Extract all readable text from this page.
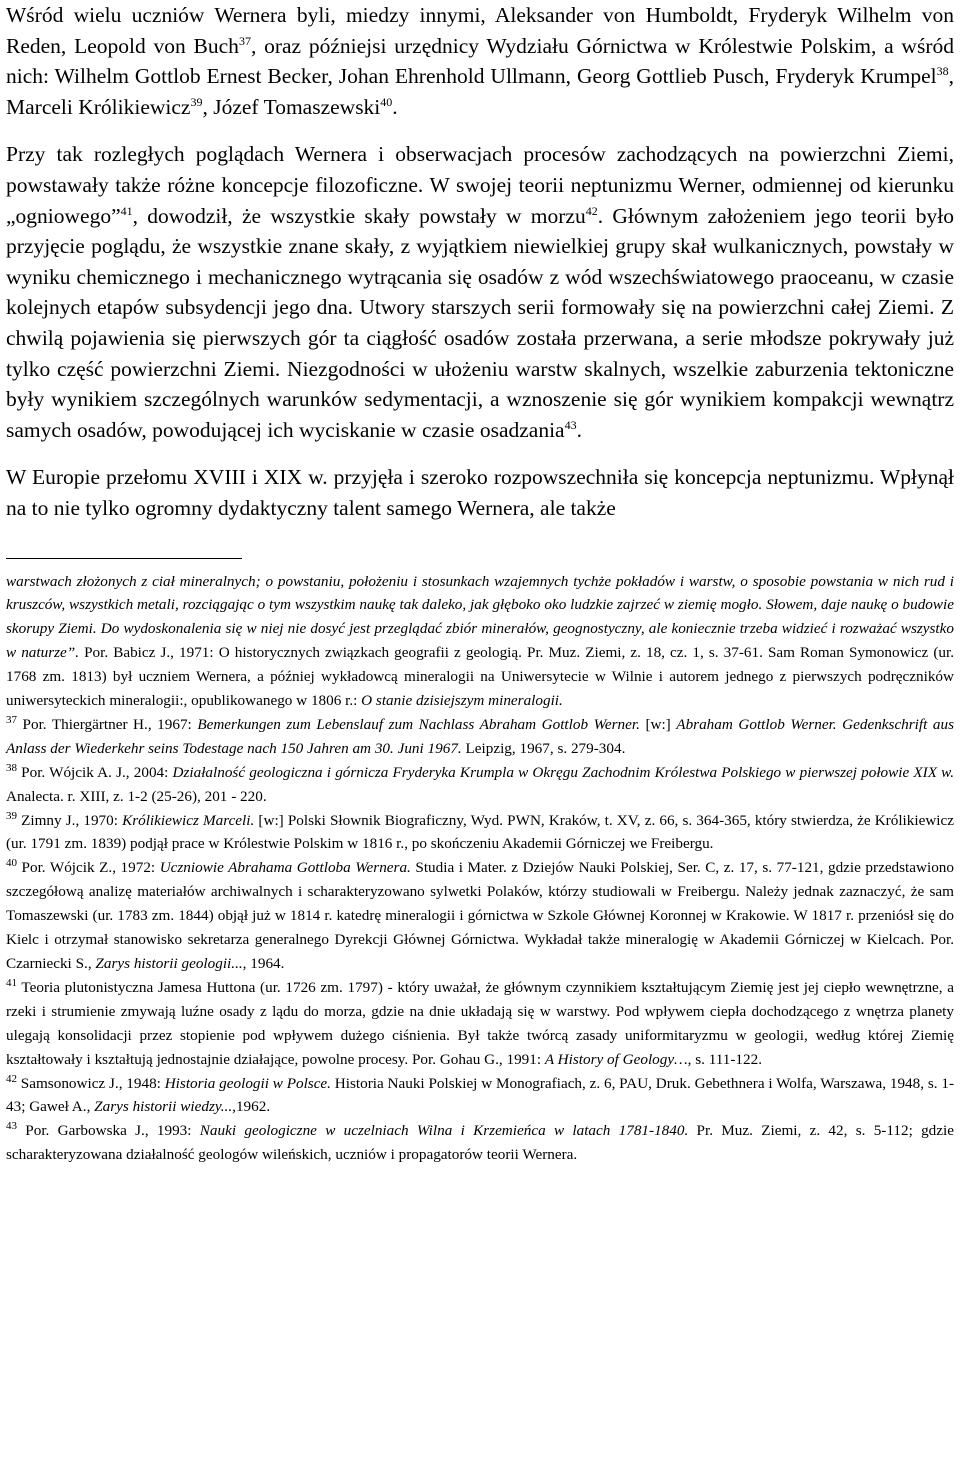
Wśród wielu uczniów Wernera byli, miedzy innymi, Aleksander von Humboldt, Fryderyk Wilhelm von Reden, Leopold von Buch$^{37}$, oraz późniejsi urzędnicy Wydziału Górnictwa w Królestwie Polskim, a wśród nich: Wilhelm Gottlob Ernest Becker, Johan Ehrenhold Ullmann, Georg Gottlieb Pusch, Fryderyk Krumpel$^{38}$, Marceli Królikiewicz$^{39}$, Józef Tomaszewski$^{40}$.

Przy tak rozległych poglądach Wernera i obserwacjach procesów zachodzących na powierzchni Ziemi, powstawały także różne koncepcje filozoficzne. W swojej teorii neptunizmu Werner, odmiennej od kierunku „ogniowego”$^{41}$, dowodził, że wszystkie skały powstały w morzu$^{42}$. Głównym założeniem jego teorii było przyjęcie poglądu, że wszystkie znane skały, z wyjątkiem niewielkiej grupy skał wulkanicznych, powstały w wyniku chemicznego i mechanicznego wytrącania się osadów z wód wszechświatowego praoceanu, w czasie kolejnych etapów subsydencji jego dna. Utwory starszych serii formowały się na powierzchni całej Ziemi. Z chwilą pojawienia się pierwszych gór ta ciągłość osadów została przerwana, a serie młodsze pokrywały już tylko część powierzchni Ziemi. Niezgodności w ułożeniu warstw skalnych, wszelkie zaburzenia tektoniczne były wynikiem szczególnych warunków sedymentacji, a wznoszenie się gór wynikiem kompakcji wewnątrz samych osadów, powodującej ich wyciskanie w czasie osadzania$^{43}$.

W Europie przełomu XVIII i XIX w. przyjęła i szeroko rozpowszechniła się koncepcja neptunizmu. Wpłynął na to nie tylko ogromny dydaktyczny talent samego Wernera, ale także

warstwach złożonych z ciał mineralnych; o powstaniu, położeniu i stosunkach wzajemnych tychże pokładów i warstw, o sposobie powstania w nich rud i kruszców, wszystkich metali, rozciągając o tym wszystkim naukę tak daleko, jak głęboko oko ludzkie zajrzeć w ziemię mogło. Słowem, daje naukę o budowie skorupy Ziemi. Do wydoskonalenia się w niej nie dosyć jest przeglądać zbiór minerałów, geognostyczny, ale koniecznie trzeba widzieć i rozważać wszystko w naturze”. Por. Babicz J., 1971: O historycznych związkach geografii z geologią. Pr. Muz. Ziemi, z. 18, cz. 1, s. 37-61. Sam Roman Symonowicz (ur. 1768 zm. 1813) był uczniem Wernera, a później wykładowcą mineralogii na Uniwersytecie w Wilnie i autorem jednego z pierwszych podręczników uniwersyteckich mineralogii:, opublikowanego w 1806 r.: O stanie dzisiejszym mineralogii.

$^{37}$ Por. Thiergärtner H., 1967: Bemerkungen zum Lebenslauf zum Nachlass Abraham Gottlob Werner. [w:] Abraham Gottlob Werner. Gedenkschrift aus Anlass der Wiederkehr seins Todestage nach 150 Jahren am 30. Juni 1967. Leipzig, 1967, s. 279-304.

$^{38}$ Por. Wójcik A. J., 2004: Działalność geologiczna i górnicza Fryderyka Krumpla w Okręgu Zachodnim Królestwa Polskiego w pierwszej połowie XIX w. Analecta. r. XIII, z. 1-2 (25-26), 201 - 220.

$^{39}$ Zimny J., 1970: Królikiewicz Marceli. [w:] Polski Słownik Biograficzny, Wyd. PWN, Kraków, t. XV, z. 66, s. 364-365, który stwierdza, że Królikiewicz (ur. 1791 zm. 1839) podjął prace w Królestwie Polskim w 1816 r., po skończeniu Akademii Górniczej we Freibergu.

$^{40}$ Por. Wójcik Z., 1972: Uczniowie Abrahama Gottloba Wernera. Studia i Mater. z Dziejów Nauki Polskiej, Ser. C, z. 17, s. 77-121, gdzie przedstawiono szczegółową analizę materiałów archiwalnych i scharakteryzowano sylwetki Polaków, którzy studiowali w Freibergu. Należy jednak zaznaczyć, że sam Tomaszewski (ur. 1783 zm. 1844) objął już w 1814 r. katedrę mineralogii i górnictwa w Szkole Głównej Koronnej w Krakowie. W 1817 r. przeniósł się do Kielc i otrzymał stanowisko sekretarza generalnego Dyrekcji Głównej Górnictwa. Wykładał także mineralogię w Akademii Górniczej w Kielcach. Por. Czarniecki S., Zarys historii geologii..., 1964.

$^{41}$ Teoria plutonistyczna Jamesa Huttona (ur. 1726 zm. 1797) - który uważał, że głównym czynnikiem kształtującym Ziemię jest jej ciepło wewnętrzne, a rzeki i strumienie zmywają luźne osady z lądu do morza, gdzie na dnie układają się w warstwy. Pod wpływem ciepła dochodzącego z wnętrza planety ulegają konsolidacji przez stopienie pod wpływem dużego ciśnienia. Był także twórcą zasady uniformitaryzmu w geologii, według której Ziemię kształtowały i kształtują jednostajnie działające, powolne procesy. Por. Gohau G., 1991: A History of Geology…, s. 111-122.

$^{42}$ Samsonowicz J., 1948: Historia geologii w Polsce. Historia Nauki Polskiej w Monografiach, z. 6, PAU, Druk. Gebethnera i Wolfa, Warszawa, 1948, s. 1-43; Gaweł A., Zarys historii wiedzy...,1962.

$^{43}$ Por. Garbowska J., 1993: Nauki geologiczne w uczelniach Wilna i Krzemieńca w latach 1781-1840. Pr. Muz. Ziemi, z. 42, s. 5-112; gdzie scharakteryzowana działalność geologów wileńskich, uczniów i propagatorów teorii Wernera.
